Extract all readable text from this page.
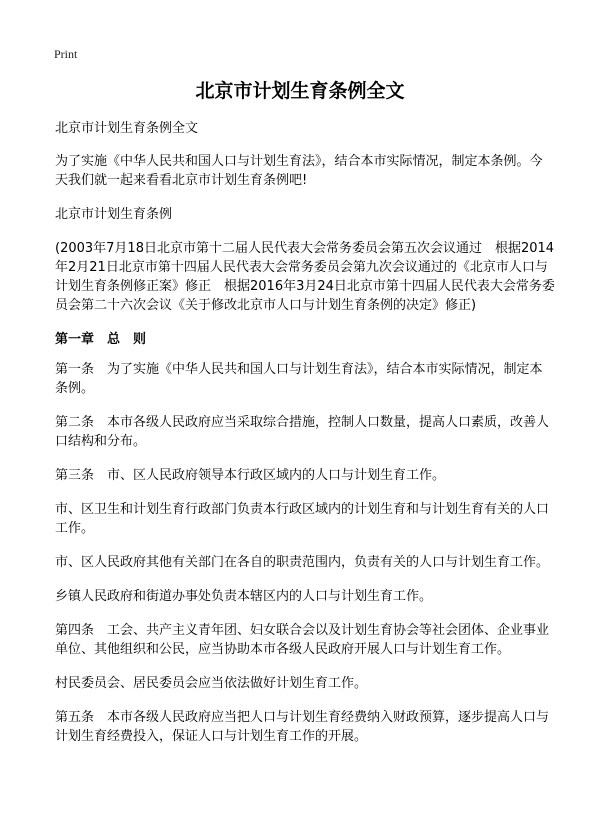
Print
北京市计划生育条例全文

北京市计划生育条例全文

为了实施《中华人民共和国人口与计划生育法》，结合本市实际情况，制定本条例。今天我们就一起来看看北京市计划生育条例吧!

北京市计划生育条例

(2003年7月18日北京市第十二届人民代表大会常务委员会第五次会议通过　根据2014年2月21日北京市第十四届人民代表大会常务委员会第九次会议通过的《北京市人口与计划生育条例修正案》修正　根据2016年3月24日北京市第十四届人民代表大会常务委员会第二十六次会议《关于修改北京市人口与计划生育条例的决定》修正)

第一章　总　则

第一条　为了实施《中华人民共和国人口与计划生育法》，结合本市实际情况，制定本条例。

第二条　本市各级人民政府应当采取综合措施，控制人口数量，提高人口素质，改善人口结构和分布。

第三条　市、区人民政府领导本行政区域内的人口与计划生育工作。

市、区卫生和计划生育行政部门负责本行政区域内的计划生育和与计划生育有关的人口工作。

市、区人民政府其他有关部门在各自的职责范围内，负责有关的人口与计划生育工作。

乡镇人民政府和街道办事处负责本辖区内的人口与计划生育工作。

第四条　工会、共产主义青年团、妇女联合会以及计划生育协会等社会团体、企业事业单位、其他组织和公民，应当协助本市各级人民政府开展人口与计划生育工作。

村民委员会、居民委员会应当依法做好计划生育工作。

第五条　本市各级人民政府应当把人口与计划生育经费纳入财政预算，逐步提高人口与计划生育经费投入，保证人口与计划生育工作的开展。
